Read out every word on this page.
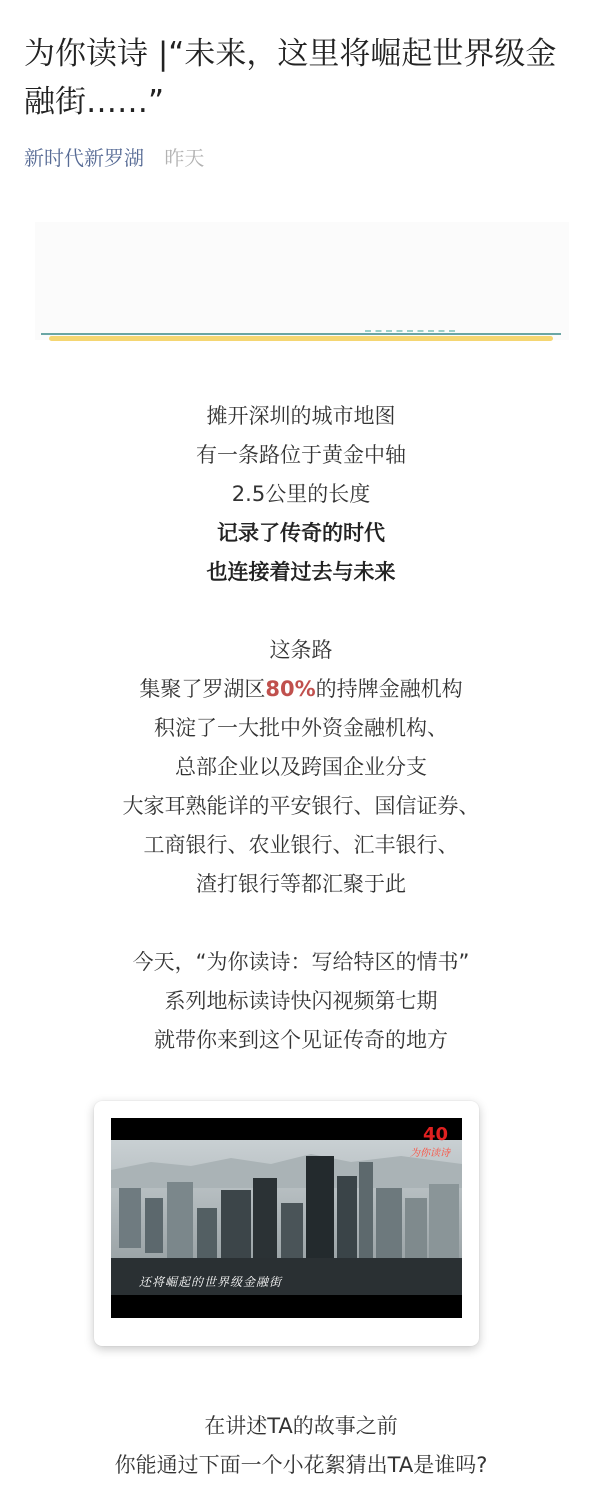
为你读诗 |“未来，这里将崛起世界级金融街……”
新时代新罗湖 昨天
摊开深圳的城市地图
有一条路位于黄金中轴
2.5公里的长度
记录了传奇的时代
也连接着过去与未来
这条路
集聚了罗湖区80%的持牌金融机构
积淀了一大批中外资金融机构、
总部企业以及跨国企业分支
大家耳熟能详的平安银行、国信证券、
工商银行、农业银行、汇丰银行、
渣打银行等都汇聚于此
今天，“为你读诗：写给特区的情书”
系列地标读诗快闪视频第七期
就带你来到这个见证传奇的地方
还将崛起的世界级金融街
40
为你读诗
在讲述TA的故事之前
你能通过下面一个小花絮猜出TA是谁吗?
